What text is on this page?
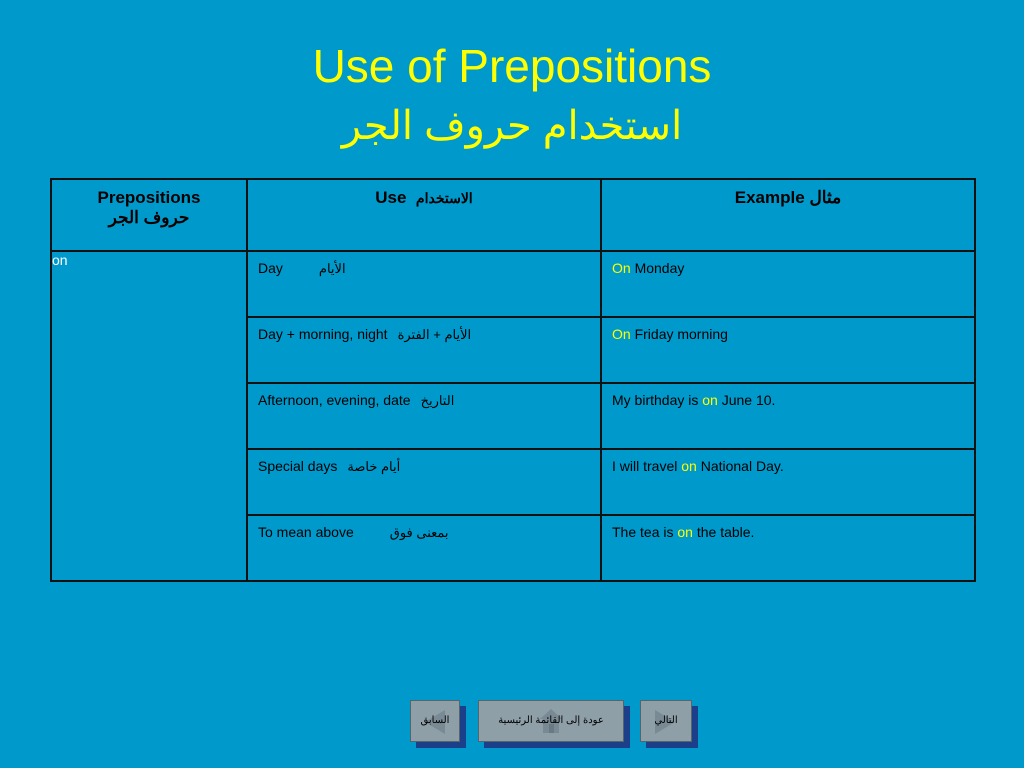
Use of Prepositions
استخدام حروف الجر
Prepositions
حروف الجر	Use الاستخدام	Example مثال
on	Day الأيام	On Monday
	Day + morning, night الأيام + الفترة	On Friday morning
	Afternoon, evening, date التاريخ	My birthday is on June 10.
	Special days أيام خاصة	I will travel on National Day.
	To mean above بمعنى فوق	The tea is on the table.
السابق	عودة إلى القائمة الرئيسية	التالي
